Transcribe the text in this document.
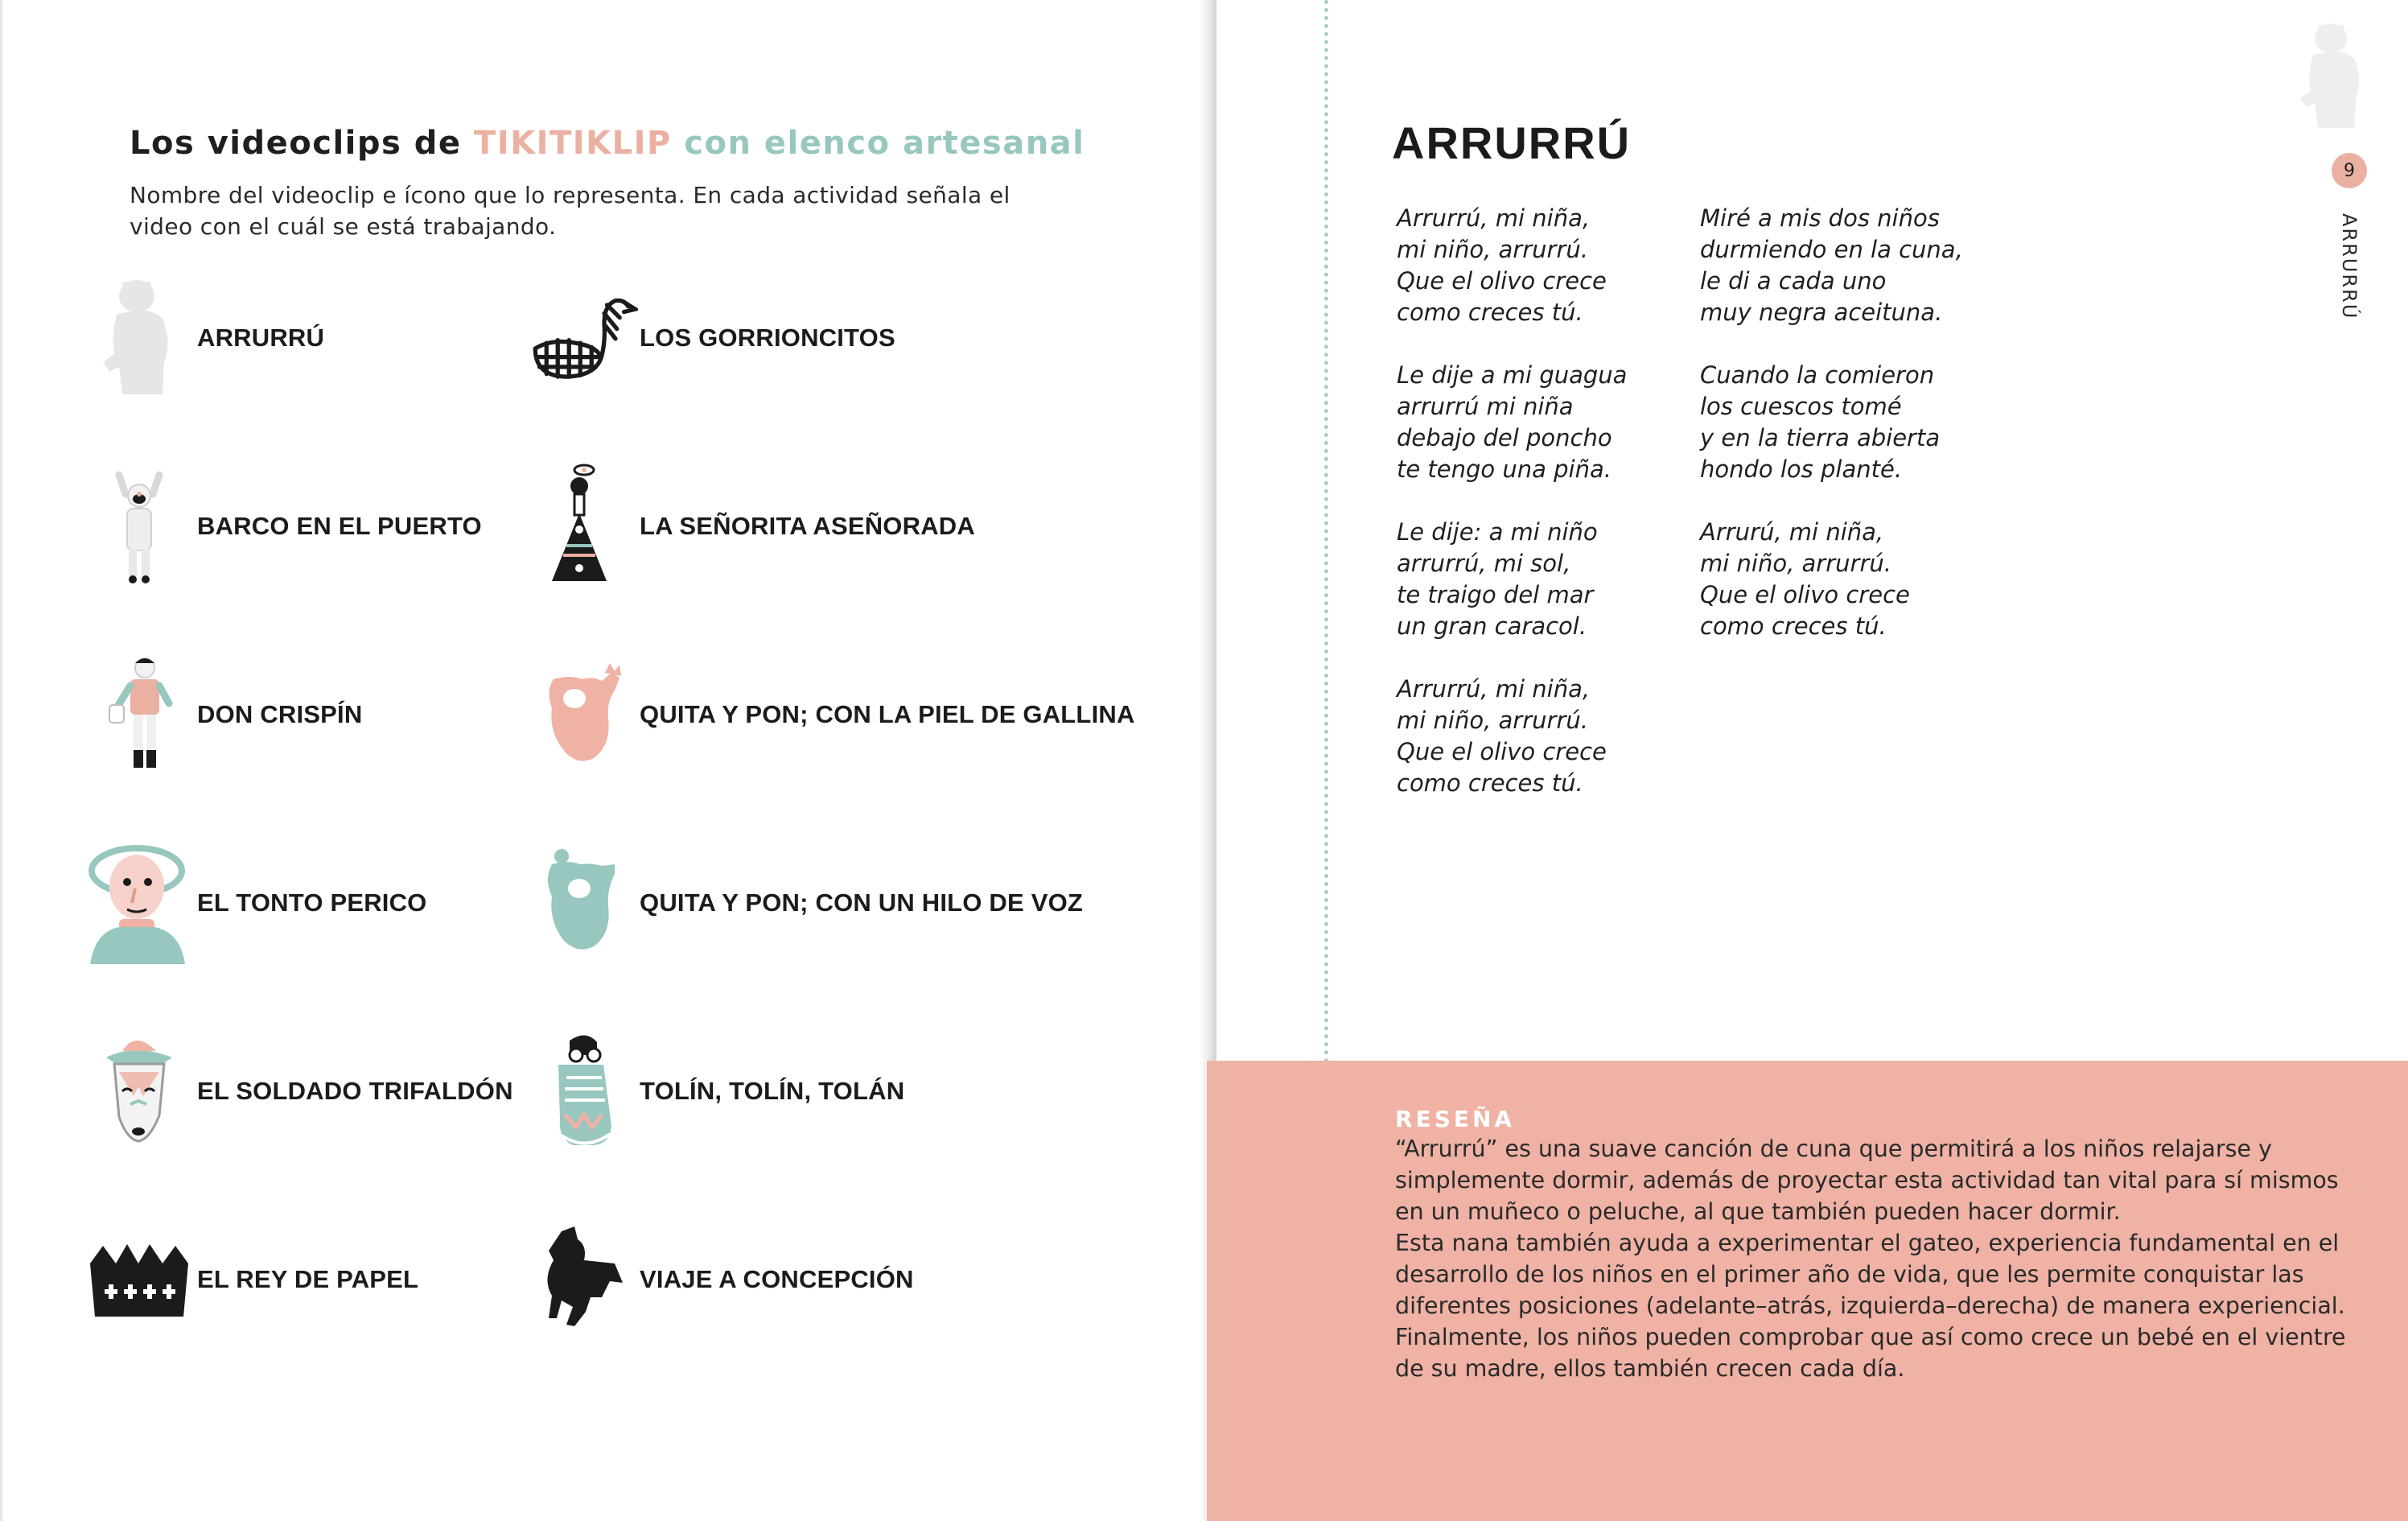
Los videoclips de TIKITIKLIP con elenco artesanal
Nombre del videoclip e ícono que lo representa. En cada actividad señala el video con el cuál se está trabajando.
ARRURRÚ	LOS GORRIONCITOS
BARCO EN EL PUERTO	LA SEÑORITA ASEÑORADA
DON CRISPÍN	QUITA Y PON; CON LA PIEL DE GALLINA
EL TONTO PERICO	QUITA Y PON; CON UN HILO DE VOZ
EL SOLDADO TRIFALDÓN	TOLÍN, TOLÍN, TOLÁN
EL REY DE PAPEL	VIAJE A CONCEPCIÓN
ARRURRÚ
Arrurrú, mi niña,
mi niño, arrurrú.
Que el olivo crece
como creces tú.
Le dije a mi guagua
arrurrú mi niña
debajo del poncho
te tengo una piña.
Le dije: a mi niño
arrurrú, mi sol,
te traigo del mar
un gran caracol.
Arrurrú, mi niña,
mi niño, arrurrú.
Que el olivo crece
como creces tú.
Miré a mis dos niños
durmiendo en la cuna,
le di a cada uno
muy negra aceituna.
Cuando la comieron
los cuescos tomé
y en la tierra abierta
hondo los planté.
Arrurú, mi niña,
mi niño, arrurrú.
Que el olivo crece
como creces tú.
9
ARRURRÚ
RESEÑA

“Arrurrú” es una suave canción de cuna que permitirá a los niños relajarse y simplemente dormir, además de proyectar esta actividad tan vital para sí mismos en un muñeco o peluche, al que también pueden hacer dormir.

Esta nana también ayuda a experimentar el gateo, experiencia fundamental en el desarrollo de los niños en el primer año de vida, que les permite conquistar las diferentes posiciones (adelante–atrás, izquierda–derecha) de manera experiencial.

Finalmente, los niños pueden comprobar que así como crece un bebé en el vientre de su madre, ellos también crecen cada día.
